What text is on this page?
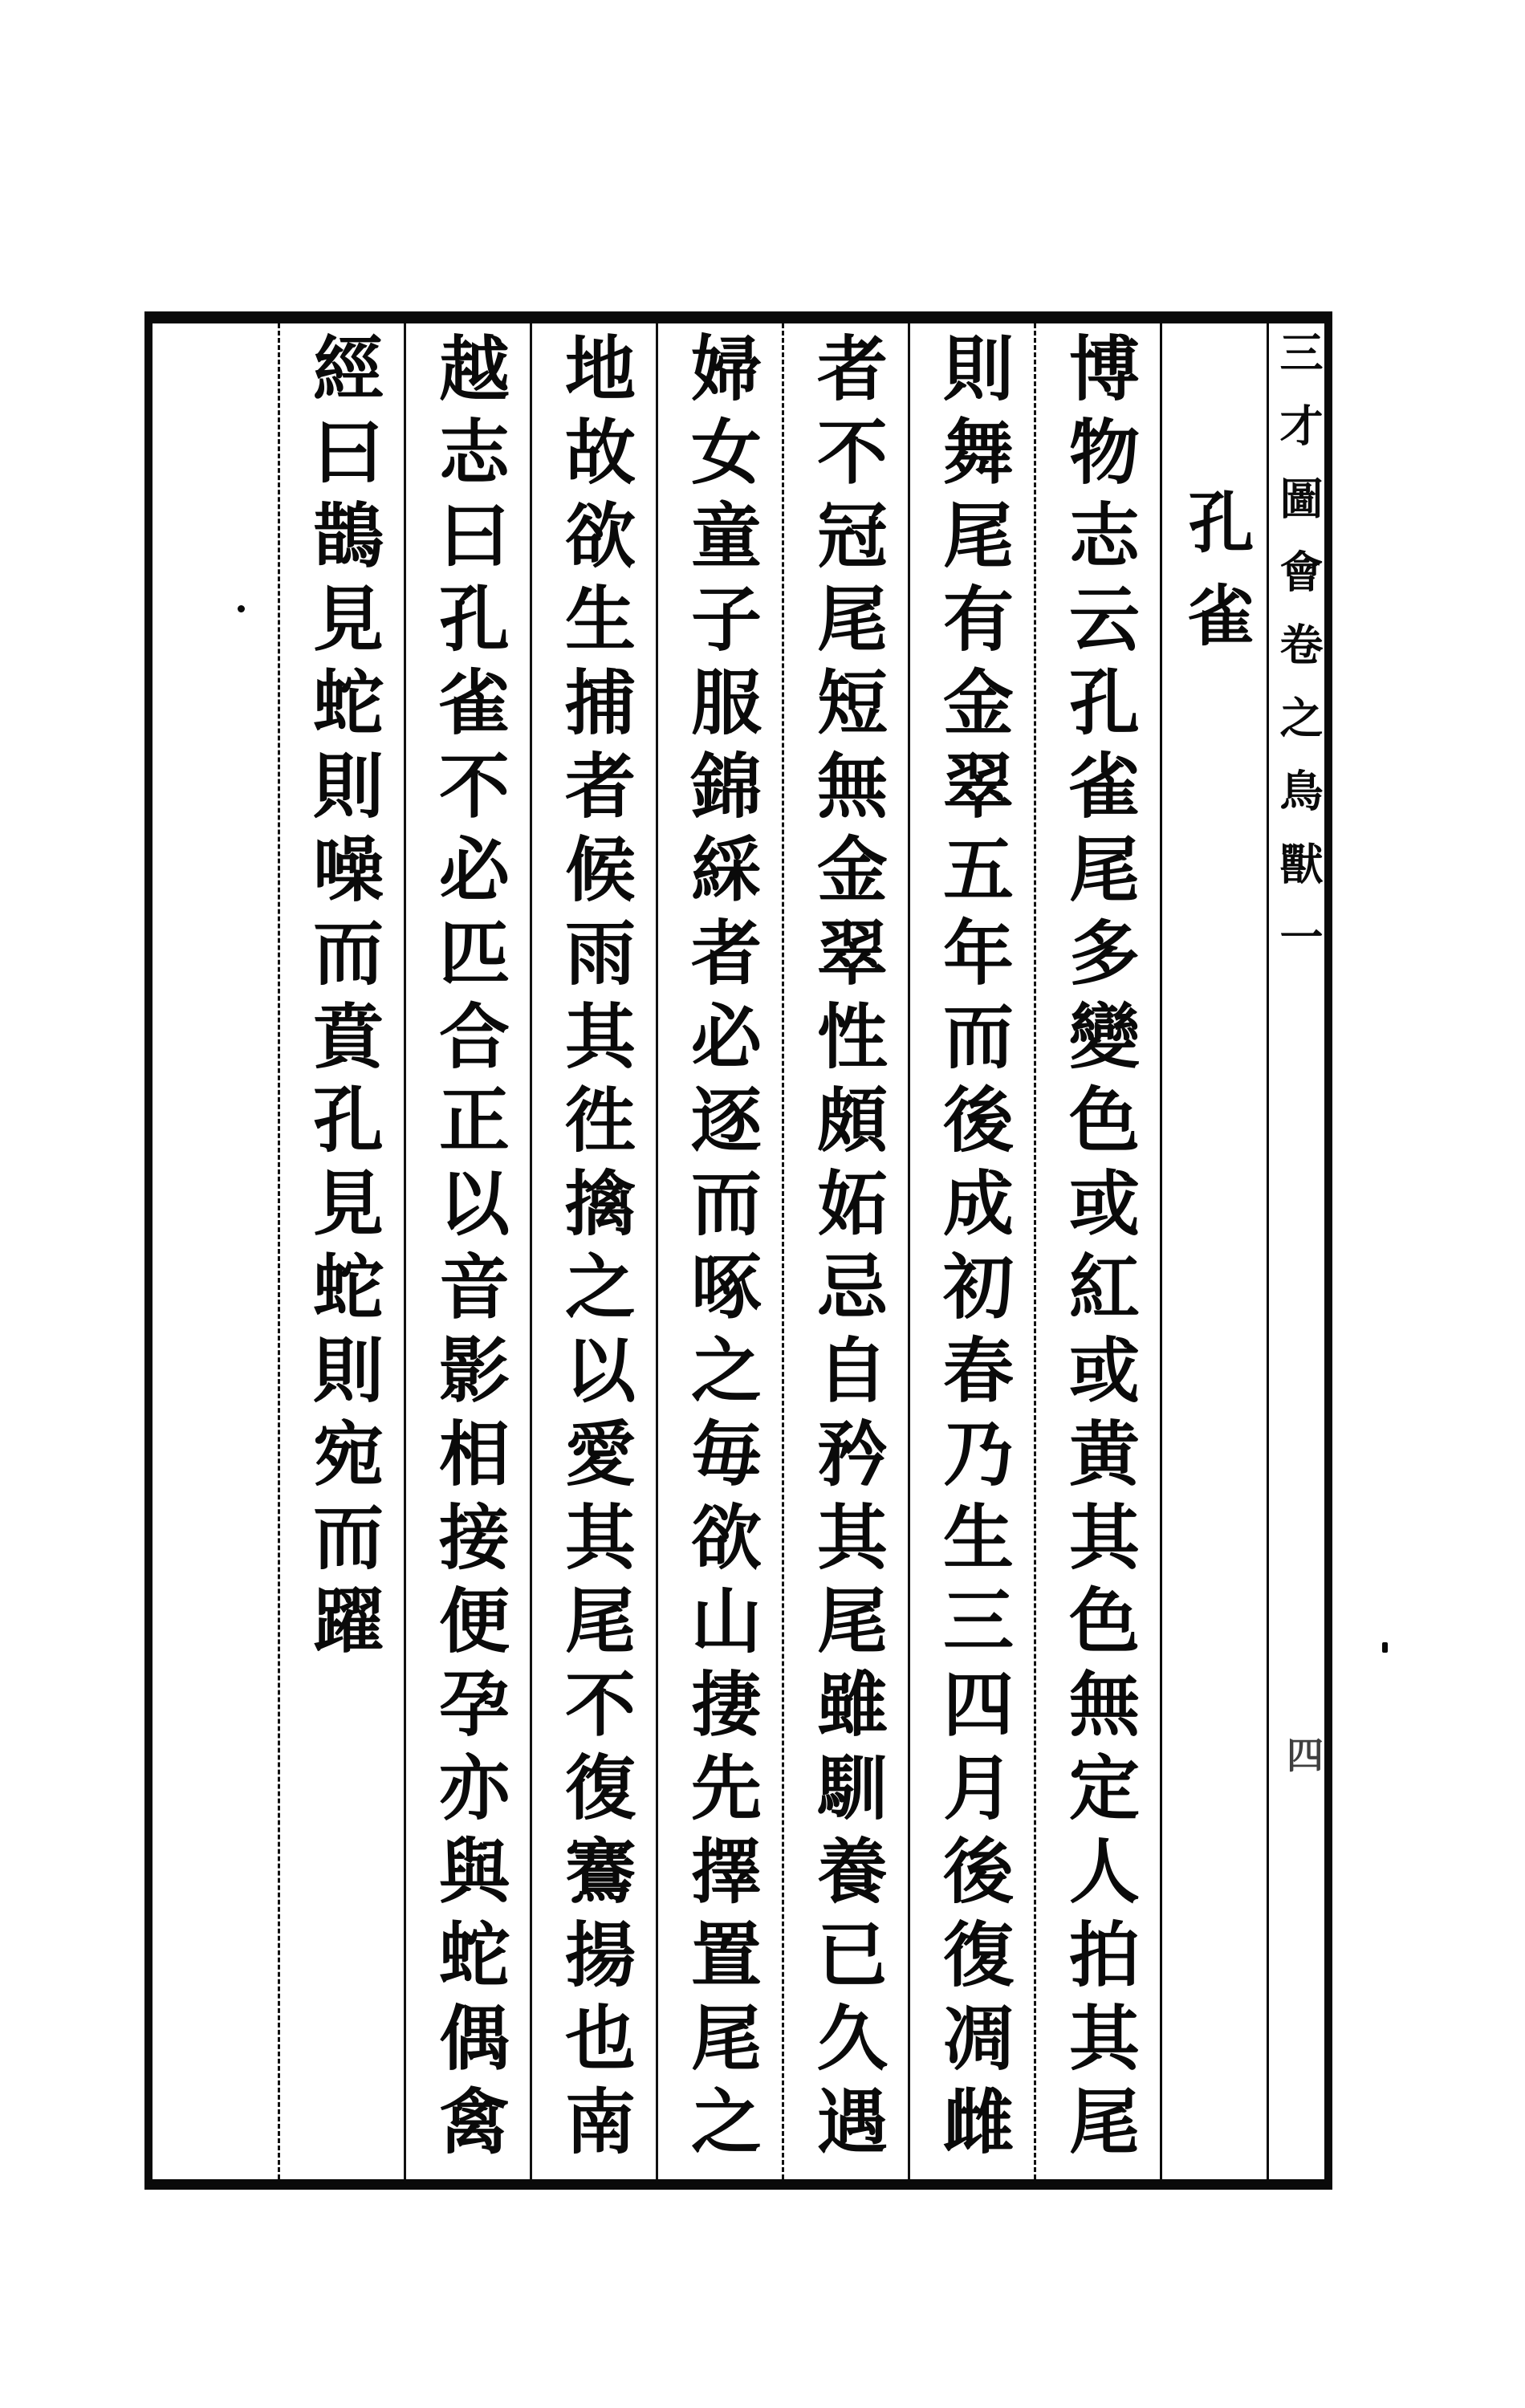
三才圖會卷之鳥獸一
孔雀
博物志云孔雀尾多變色或紅或黄其色無定人拍其尾
則舞尾有金翠五年而後成初春乃生三四月後復凋雌
者不冠尾短無金翠性頗妬忌自矜其尾雖馴養已久遇
婦女童子服錦綵者必逐而啄之毎欲山捿先擇置尾之
地故欲生捕者候雨其徃擒之以愛其尾不復鶱揚也南
越志曰孔雀不必匹合正以音影相接便孕亦與蛇偶禽
經曰鵲見蛇則噪而賁孔見蛇則宛而躍
四
